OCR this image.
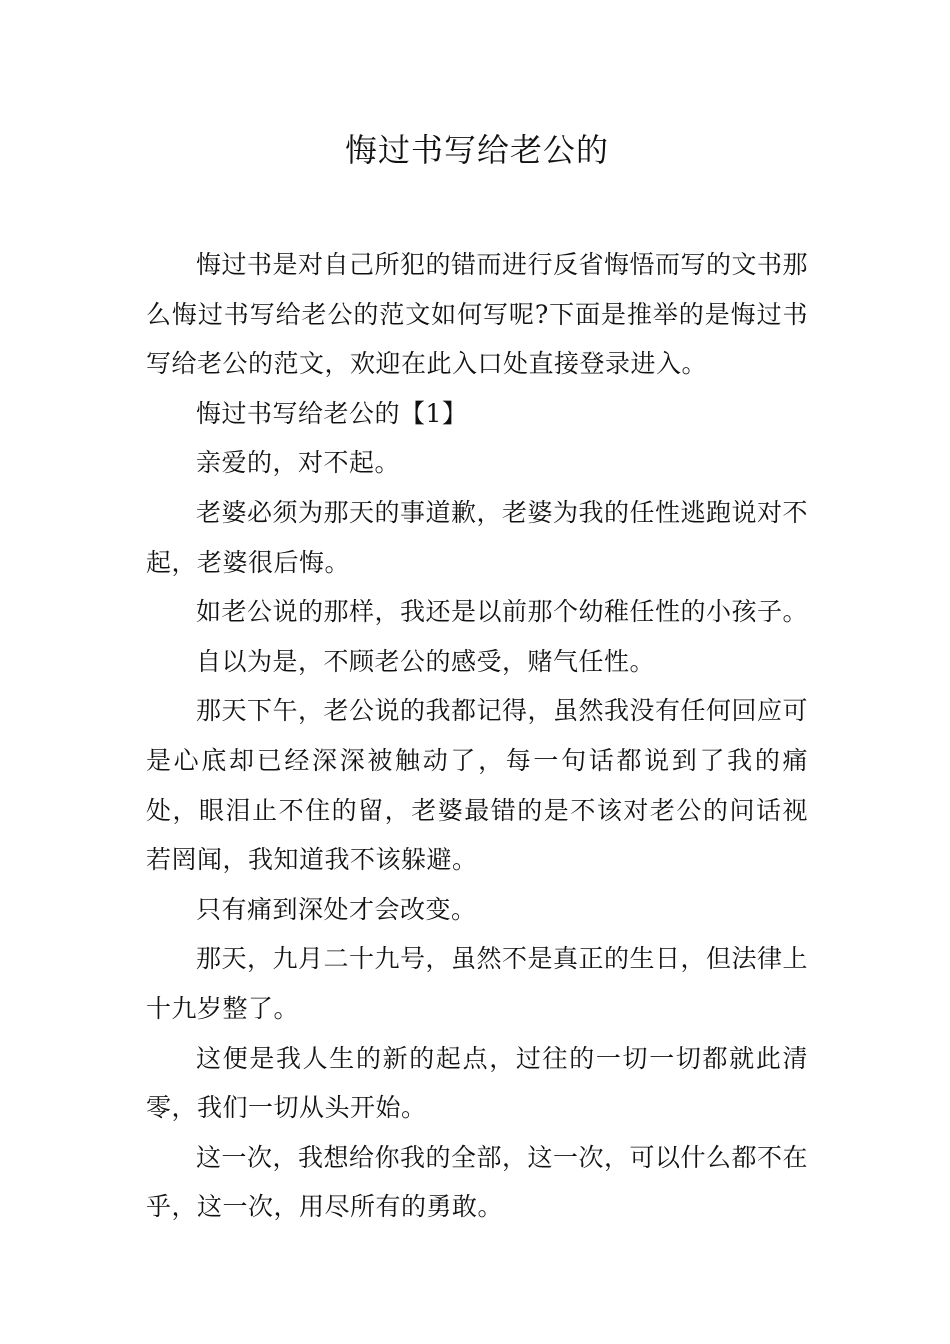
悔过书写给老公的

悔过书是对自己所犯的错而进行反省悔悟而写的文书那么悔过书写给老公的范文如何写呢?下面是推举的是悔过书写给老公的范文，欢迎在此入口处直接登录进入。

悔过书写给老公的【1】

亲爱的，对不起。

老婆必须为那天的事道歉，老婆为我的任性逃跑说对不起，老婆很后悔。

如老公说的那样，我还是以前那个幼稚任性的小孩子。

自以为是，不顾老公的感受，赌气任性。

那天下午，老公说的我都记得，虽然我没有任何回应可是心底却已经深深被触动了，每一句话都说到了我的痛处，眼泪止不住的留，老婆最错的是不该对老公的问话视若罔闻，我知道我不该躲避。

只有痛到深处才会改变。

那天，九月二十九号，虽然不是真正的生日，但法律上十九岁整了。

这便是我人生的新的起点，过往的一切一切都就此清零，我们一切从头开始。

这一次，我想给你我的全部，这一次，可以什么都不在乎，这一次，用尽所有的勇敢。
